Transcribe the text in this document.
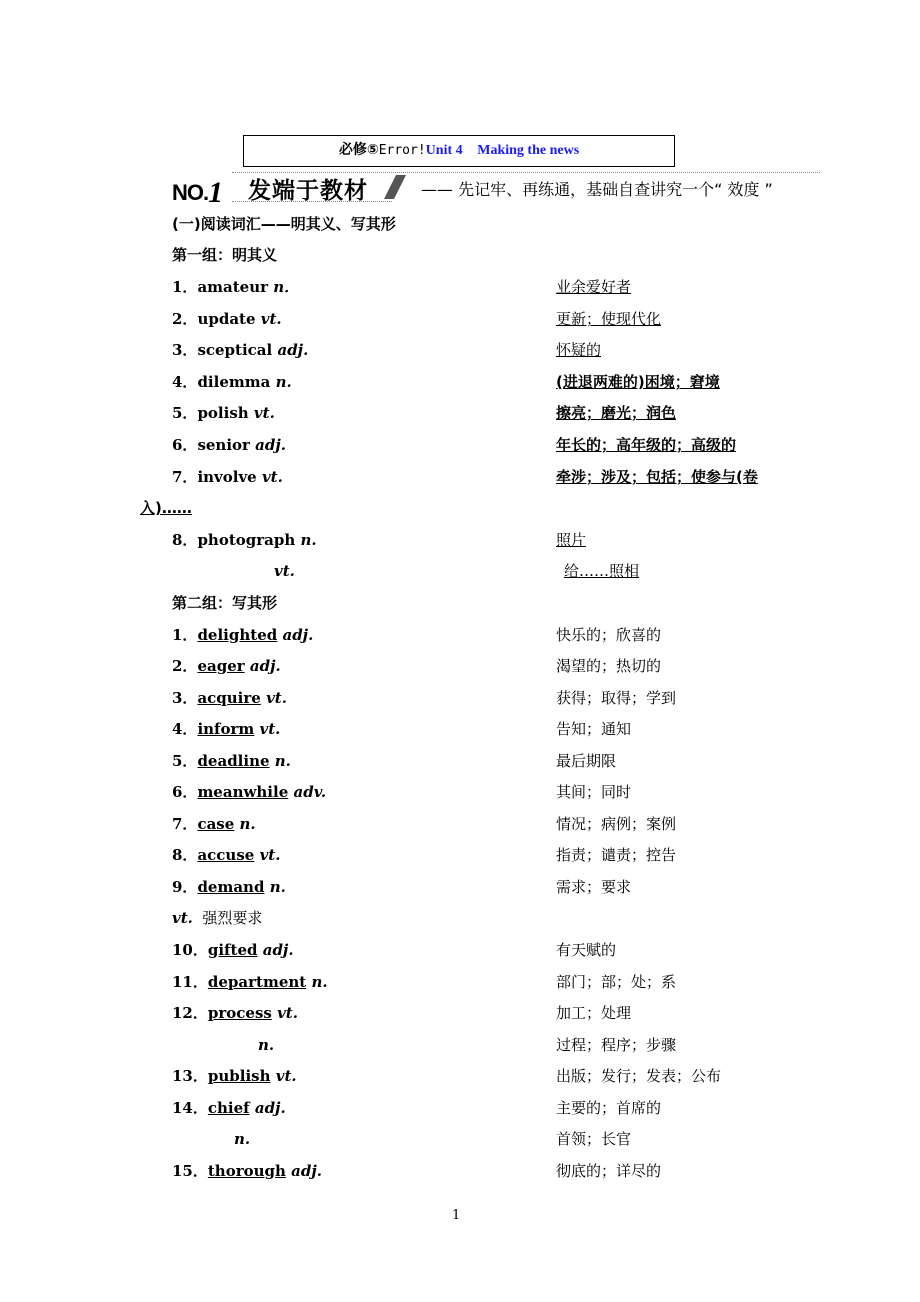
必修⑤Error!Unit 4 Making the news
NO.1 发端于教材	—— 先记牢、再练通，基础自查讲究一个“ 效度 ”
(一)阅读词汇——明其义、写其形
第一组：明其义
1．amateur n．	业余爱好者
2．update vt.	更新；使现代化
3．sceptical adj.	怀疑的
4．dilemma n.	(进退两难的)困境；窘境
5．polish vt.	擦亮；磨光；润色
6．senior adj.	年长的；高年级的；高级的
7．involve vt.	牵涉；涉及；包括；使参与(卷
入)……
8．photograph n.	照片
vt.	给……照相
第二组：写其形
1．delighted adj.	快乐的；欣喜的
2．eager adj.	渴望的；热切的
3．acquire vt.	获得；取得；学到
4．inform vt.	告知；通知
5．deadline n.	最后期限
6．meanwhile adv.	其间；同时
7．case n.	情况；病例；案例
8．accuse vt.	指责；谴责；控告
9．demand n.	需求；要求
vt. 强烈要求
10．gifted adj.	有天赋的
11．department n.	部门；部；处；系
12．process vt.	加工；处理
n.	过程；程序；步骤
13．publish vt.	出版；发行；发表；公布
14．chief adj.	主要的；首席的
n.	首领；长官
15．thorough adj.	彻底的；详尽的
1
